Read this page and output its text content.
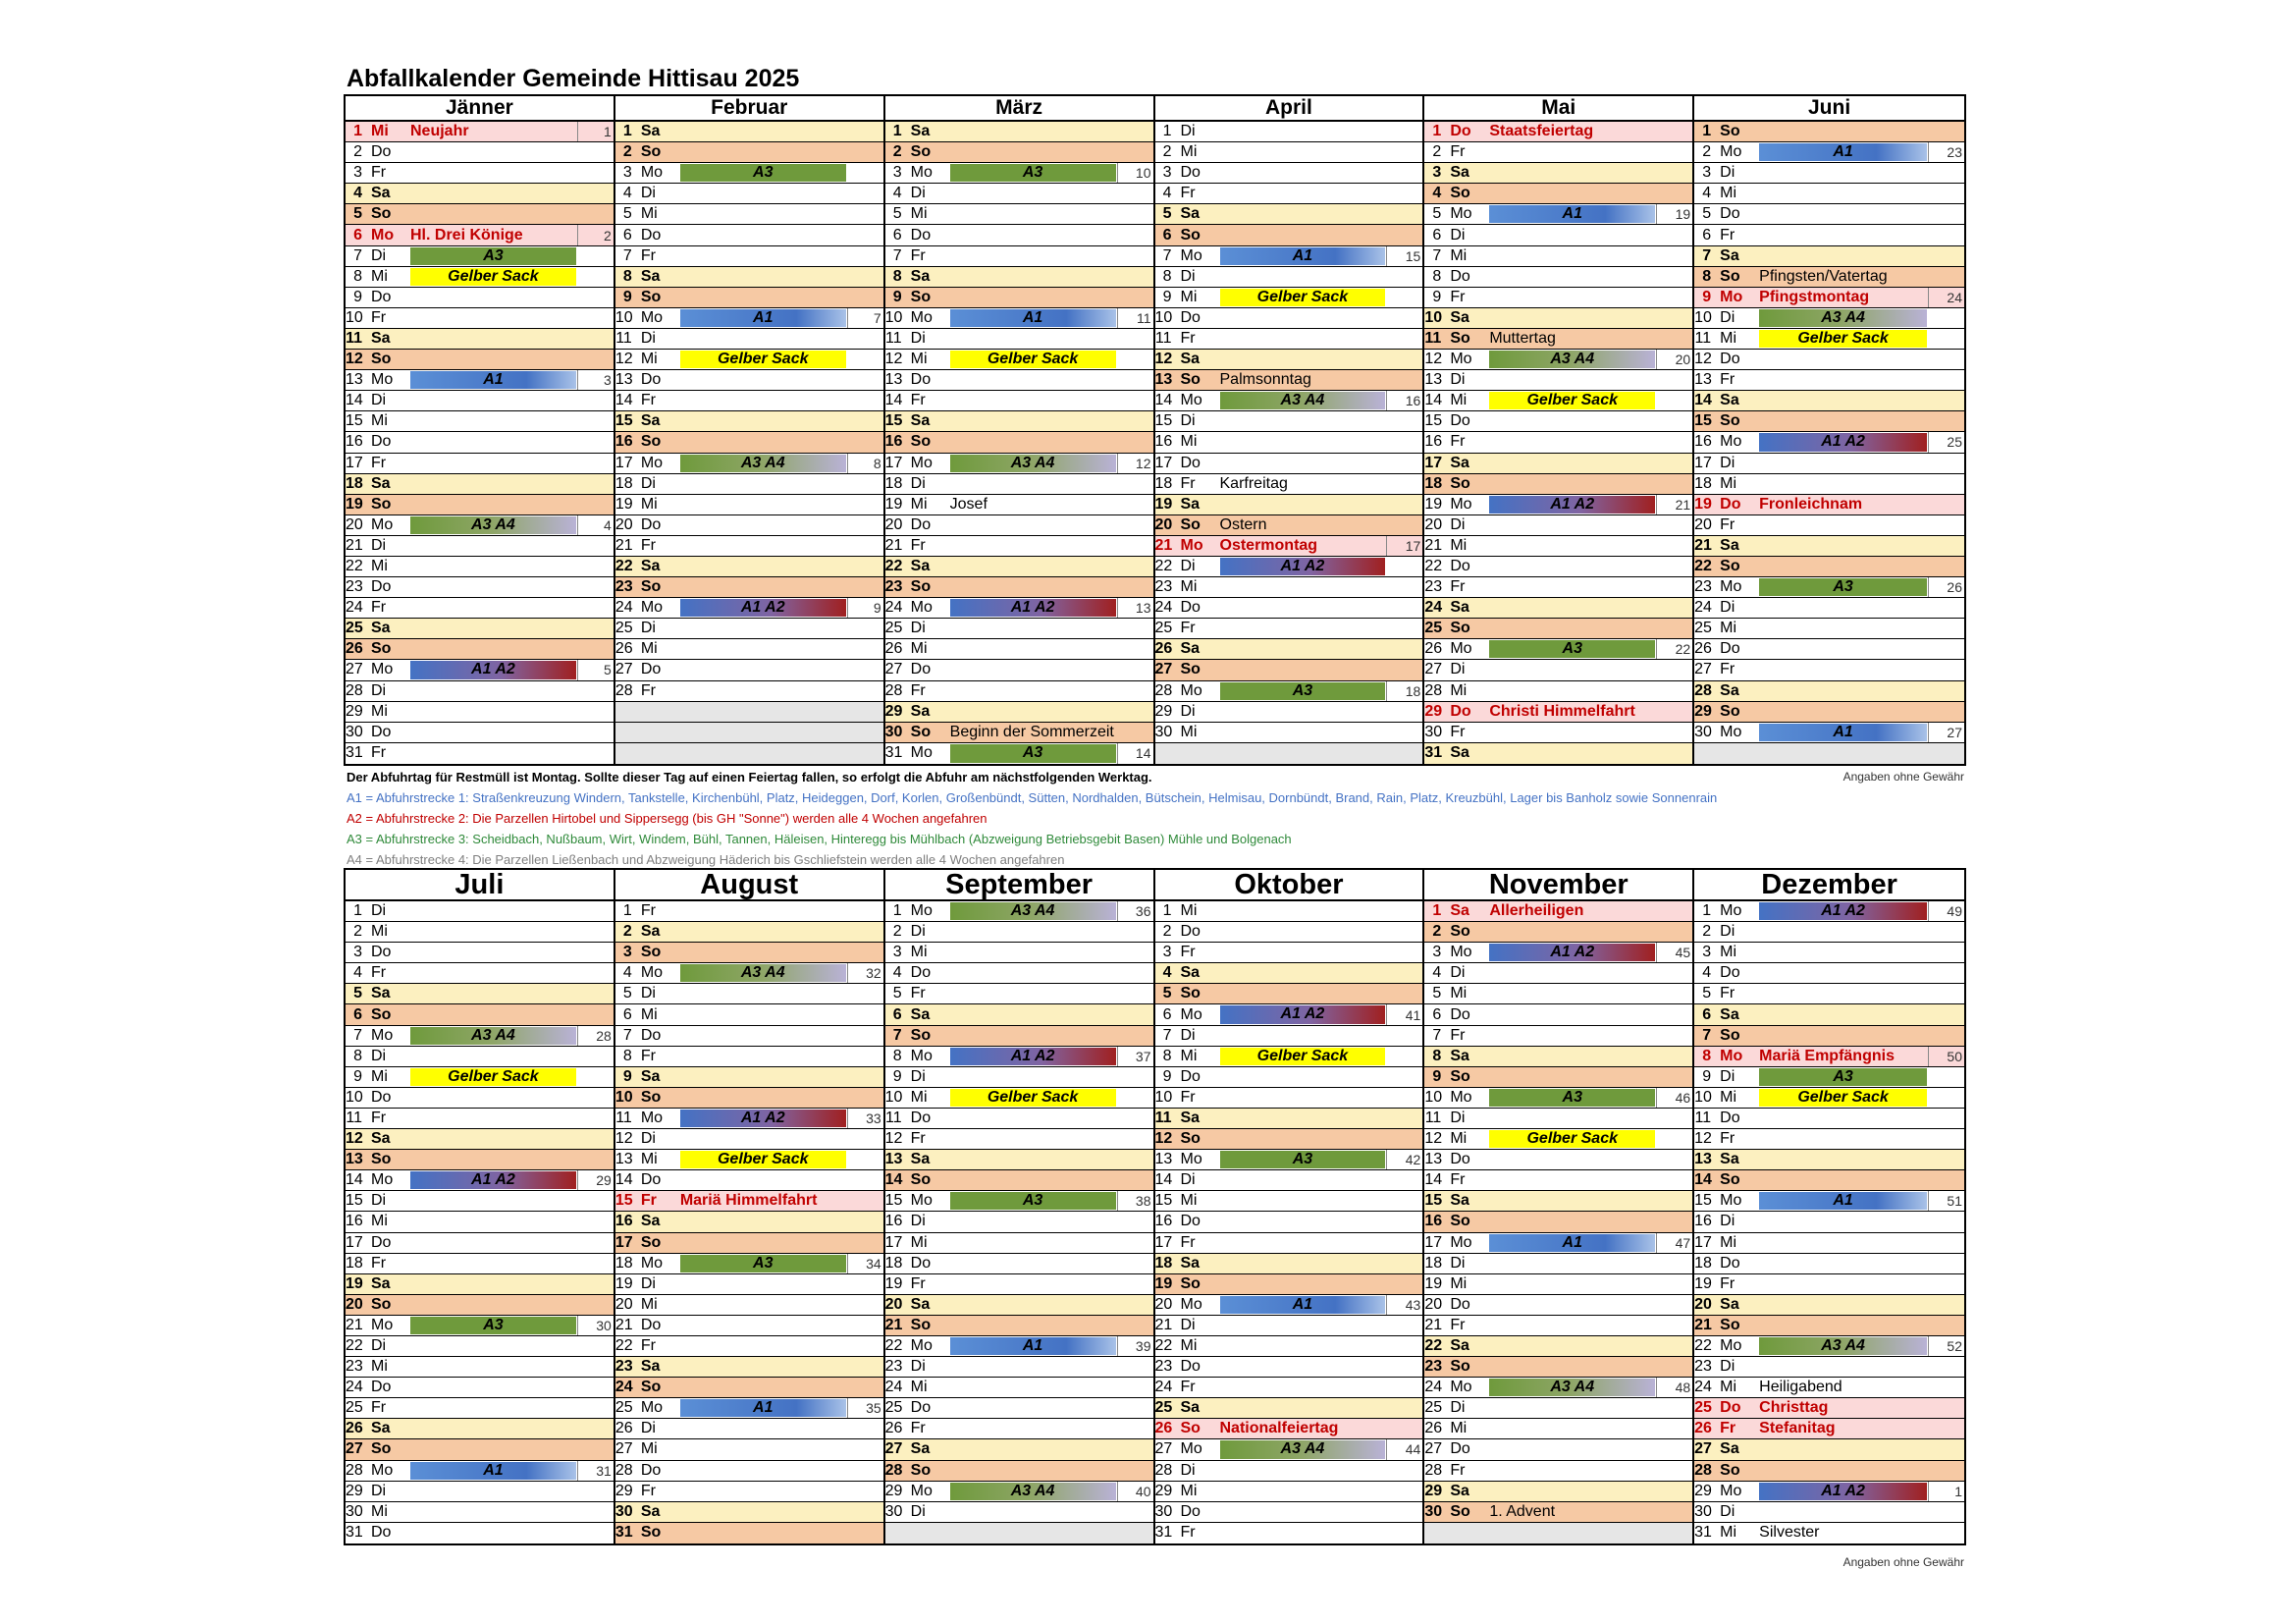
Abfallkalender Gemeinde Hittisau 2025
Jänner
1 Mi	Neujahr	1
2 Do
3 Fr
4 Sa
5 So
6 Mo	Hl. Drei Könige	2
7 Di	A3
8 Mi	Gelber Sack
9 Do
10 Fr
11 Sa
12 So
13 Mo	A1	3
14 Di
15 Mi
16 Do
17 Fr
18 Sa
19 So
20 Mo	A3 A4	4
21 Di
22 Mi
23 Do
24 Fr
25 Sa
26 So
27 Mo	A1 A2	5
28 Di
29 Mi
30 Do
31 Fr
Februar
1 Sa
2 So
3 Mo	A3
4 Di
5 Mi
6 Do
7 Fr
8 Sa
9 So
10 Mo	A1	7
11 Di
12 Mi	Gelber Sack
13 Do
14 Fr
15 Sa
16 So
17 Mo	A3 A4	8
18 Di
19 Mi
20 Do
21 Fr
22 Sa
23 So
24 Mo	A1 A2	9
25 Di
26 Mi
27 Do
28 Fr
März
1 Sa
2 So
3 Mo	A3	10
4 Di
5 Mi
6 Do
7 Fr
8 Sa
9 So
10 Mo	A1	11
11 Di
12 Mi	Gelber Sack
13 Do
14 Fr
15 Sa
16 So
17 Mo	A3 A4	12
18 Di
19 Mi	Josef
20 Do
21 Fr
22 Sa
23 So
24 Mo	A1 A2	13
25 Di
26 Mi
27 Do
28 Fr
29 Sa
30 So	Beginn der Sommerzeit
31 Mo	A3	14
April
1 Di
2 Mi
3 Do
4 Fr
5 Sa
6 So
7 Mo	A1	15
8 Di
9 Mi	Gelber Sack
10 Do
11 Fr
12 Sa
13 So	Palmsonntag
14 Mo	A3 A4	16
15 Di
16 Mi
17 Do
18 Fr	Karfreitag
19 Sa
20 So	Ostern
21 Mo	Ostermontag	17
22 Di	A1 A2
23 Mi
24 Do
25 Fr
26 Sa
27 So
28 Mo	A3	18
29 Di
30 Mi
Mai
1 Do	Staatsfeiertag
2 Fr
3 Sa
4 So
5 Mo	A1	19
6 Di
7 Mi
8 Do
9 Fr
10 Sa
11 So	Muttertag
12 Mo	A3 A4	20
13 Di
14 Mi	Gelber Sack
15 Do
16 Fr
17 Sa
18 So
19 Mo	A1 A2	21
20 Di
21 Mi
22 Do
23 Fr
24 Sa
25 So
26 Mo	A3	22
27 Di
28 Mi
29 Do	Christi Himmelfahrt
30 Fr
31 Sa
Juni
1 So
2 Mo	A1	23
3 Di
4 Mi
5 Do
6 Fr
7 Sa
8 So	Pfingsten/Vatertag
9 Mo	Pfingstmontag	24
10 Di	A3 A4
11 Mi	Gelber Sack
12 Do
13 Fr
14 Sa
15 So
16 Mo	A1 A2	25
17 Di
18 Mi
19 Do	Fronleichnam
20 Fr
21 Sa
22 So
23 Mo	A3	26
24 Di
25 Mi
26 Do
27 Fr
28 Sa
29 So
30 Mo	A1	27
Der Abfuhrtag für Restmüll ist Montag. Sollte dieser Tag auf einen Feiertag fallen, so erfolgt die Abfuhr am nächstfolgenden Werktag.	Angaben ohne Gewähr
A1 = Abfuhrstrecke 1: Straßenkreuzung Windern, Tankstelle, Kirchenbühl, Platz, Heideggen, Dorf, Korlen, Großenbündt, Sütten, Nordhalden, Bütschein, Helmisau, Dornbündt, Brand, Rain, Platz, Kreuzbühl, Lager bis Banholz sowie Sonnenrain
A2 = Abfuhrstrecke 2: Die Parzellen Hirtobel und Sippersegg (bis GH "Sonne") werden alle 4 Wochen angefahren
A3 = Abfuhrstrecke 3: Scheidbach, Nußbaum, Wirt, Windem, Bühl, Tannen, Häleisen, Hinteregg bis Mühlbach (Abzweigung Betriebsgebit Basen) Mühle und Bolgenach
A4 = Abfuhrstrecke 4: Die Parzellen Ließenbach und Abzweigung Häderich bis Gschliefstein werden alle 4 Wochen angefahren
Juli
1 Di
2 Mi
3 Do
4 Fr
5 Sa
6 So
7 Mo	A3 A4	28
8 Di
9 Mi	Gelber Sack
10 Do
11 Fr
12 Sa
13 So
14 Mo	A1 A2	29
15 Di
16 Mi
17 Do
18 Fr
19 Sa
20 So
21 Mo	A3	30
22 Di
23 Mi
24 Do
25 Fr
26 Sa
27 So
28 Mo	A1	31
29 Di
30 Mi
31 Do
August
1 Fr
2 Sa
3 So
4 Mo	A3 A4	32
5 Di
6 Mi
7 Do
8 Fr
9 Sa
10 So
11 Mo	A1 A2	33
12 Di
13 Mi	Gelber Sack
14 Do
15 Fr	Mariä Himmelfahrt
16 Sa
17 So
18 Mo	A3	34
19 Di
20 Mi
21 Do
22 Fr
23 Sa
24 So
25 Mo	A1	35
26 Di
27 Mi
28 Do
29 Fr
30 Sa
31 So
September
1 Mo	A3 A4	36
2 Di
3 Mi
4 Do
5 Fr
6 Sa
7 So
8 Mo	A1 A2	37
9 Di
10 Mi	Gelber Sack
11 Do
12 Fr
13 Sa
14 So
15 Mo	A3	38
16 Di
17 Mi
18 Do
19 Fr
20 Sa
21 So
22 Mo	A1	39
23 Di
24 Mi
25 Do
26 Fr
27 Sa
28 So
29 Mo	A3 A4	40
30 Di
Oktober
1 Mi
2 Do
3 Fr
4 Sa
5 So
6 Mo	A1 A2	41
7 Di
8 Mi	Gelber Sack
9 Do
10 Fr
11 Sa
12 So
13 Mo	A3	42
14 Di
15 Mi
16 Do
17 Fr
18 Sa
19 So
20 Mo	A1	43
21 Di
22 Mi
23 Do
24 Fr
25 Sa
26 So	Nationalfeiertag
27 Mo	A3 A4	44
28 Di
29 Mi
30 Do
31 Fr
November
1 Sa	Allerheiligen
2 So
3 Mo	A1 A2	45
4 Di
5 Mi
6 Do
7 Fr
8 Sa
9 So
10 Mo	A3	46
11 Di
12 Mi	Gelber Sack
13 Do
14 Fr
15 Sa
16 So
17 Mo	A1	47
18 Di
19 Mi
20 Do
21 Fr
22 Sa
23 So
24 Mo	A3 A4	48
25 Di
26 Mi
27 Do
28 Fr
29 Sa
30 So	1. Advent
Dezember
1 Mo	A1 A2	49
2 Di
3 Mi
4 Do
5 Fr
6 Sa
7 So
8 Mo	Mariä Empfängnis	50
9 Di	A3
10 Mi	Gelber Sack
11 Do
12 Fr
13 Sa
14 So
15 Mo	A1	51
16 Di
17 Mi
18 Do
19 Fr
20 Sa
21 So
22 Mo	A3 A4	52
23 Di
24 Mi	Heiligabend
25 Do	Christtag
26 Fr	Stefanitag
27 Sa
28 So
29 Mo	A1 A2	1
30 Di
31 Mi	Silvester
Angaben ohne Gewähr
